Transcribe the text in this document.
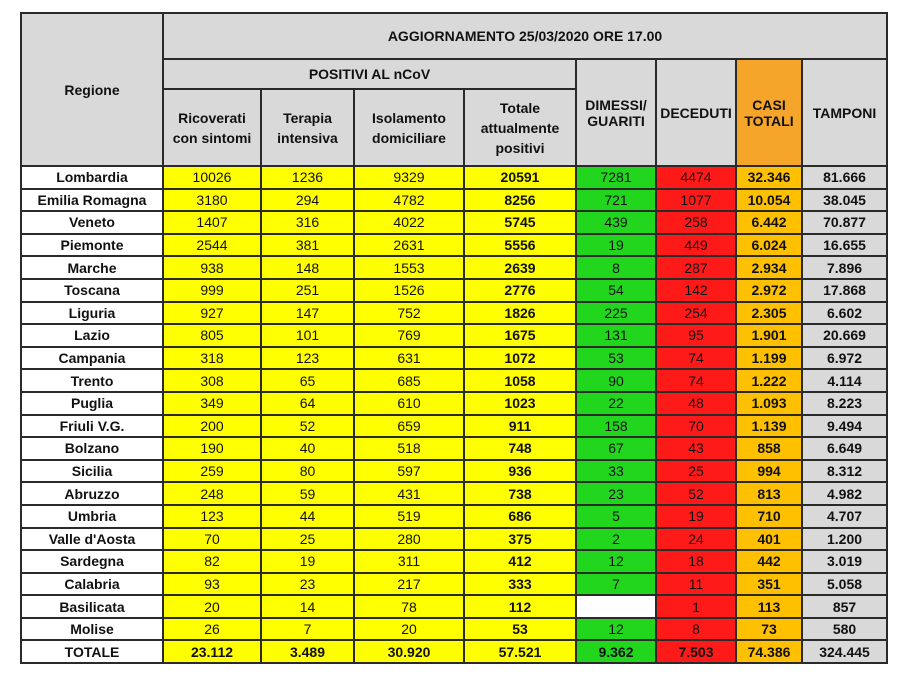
Regione	AGGIORNAMENTO 25/03/2020 ORE 17.00							
	POSITIVI AL nCoV				DIMESSI/ GUARITI	DECEDUTI	CASI TOTALI	TAMPONI
	Ricoverati con sintomi	Terapia intensiva	Isolamento domiciliare	Totale attualmente positivi				
Lombardia	10026	1236	9329	20591	7281	4474	32.346	81.666
Emilia Romagna	3180	294	4782	8256	721	1077	10.054	38.045
Veneto	1407	316	4022	5745	439	258	6.442	70.877
Piemonte	2544	381	2631	5556	19	449	6.024	16.655
Marche	938	148	1553	2639	8	287	2.934	7.896
Toscana	999	251	1526	2776	54	142	2.972	17.868
Liguria	927	147	752	1826	225	254	2.305	6.602
Lazio	805	101	769	1675	131	95	1.901	20.669
Campania	318	123	631	1072	53	74	1.199	6.972
Trento	308	65	685	1058	90	74	1.222	4.114
Puglia	349	64	610	1023	22	48	1.093	8.223
Friuli V.G.	200	52	659	911	158	70	1.139	9.494
Bolzano	190	40	518	748	67	43	858	6.649
Sicilia	259	80	597	936	33	25	994	8.312
Abruzzo	248	59	431	738	23	52	813	4.982
Umbria	123	44	519	686	5	19	710	4.707
Valle d'Aosta	70	25	280	375	2	24	401	1.200
Sardegna	82	19	311	412	12	18	442	3.019
Calabria	93	23	217	333	7	11	351	5.058
Basilicata	20	14	78	112		1	113	857
Molise	26	7	20	53	12	8	73	580
TOTALE	23.112	3.489	30.920	57.521	9.362	7.503	74.386	324.445
